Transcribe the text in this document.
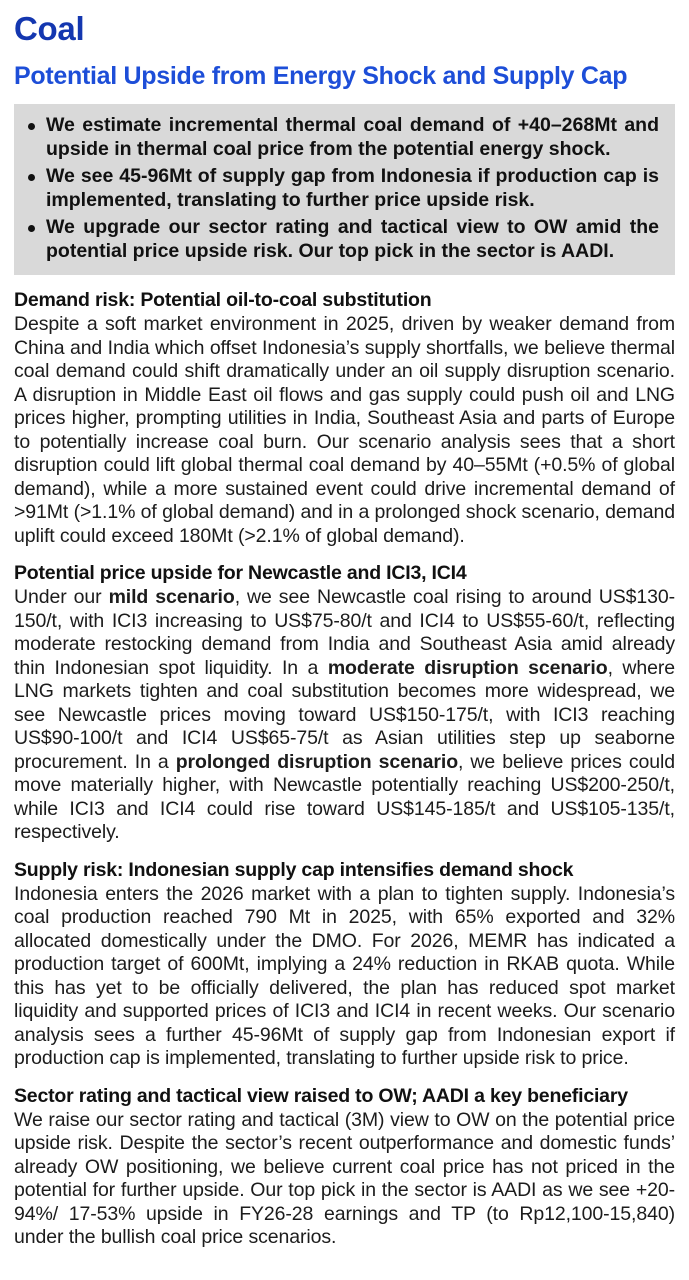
Coal
Potential Upside from Energy Shock and Supply Cap
We estimate incremental thermal coal demand of +40–268Mt and upside in thermal coal price from the potential energy shock.
We see 45-96Mt of supply gap from Indonesia if production cap is implemented, translating to further price upside risk.
We upgrade our sector rating and tactical view to OW amid the potential price upside risk. Our top pick in the sector is AADI.
Demand risk: Potential oil-to-coal substitution

Despite a soft market environment in 2025, driven by weaker demand from China and India which offset Indonesia’s supply shortfalls, we believe thermal coal demand could shift dramatically under an oil supply disruption scenario. A disruption in Middle East oil flows and gas supply could push oil and LNG prices higher, prompting utilities in India, Southeast Asia and parts of Europe to potentially increase coal burn. Our scenario analysis sees that a short disruption could lift global thermal coal demand by 40–55Mt (+0.5% of global demand), while a more sustained event could drive incremental demand of >91Mt (>1.1% of global demand) and in a prolonged shock scenario, demand uplift could exceed 180Mt (>2.1% of global demand).

Potential price upside for Newcastle and ICI3, ICI4

Under our mild scenario, we see Newcastle coal rising to around US$130-150/t, with ICI3 increasing to US$75-80/t and ICI4 to US$55-60/t, reflecting moderate restocking demand from India and Southeast Asia amid already thin Indonesian spot liquidity. In a moderate disruption scenario, where LNG markets tighten and coal substitution becomes more widespread, we see Newcastle prices moving toward US$150-175/t, with ICI3 reaching US$90-100/t and ICI4 US$65-75/t as Asian utilities step up seaborne procurement. In a prolonged disruption scenario, we believe prices could move materially higher, with Newcastle potentially reaching US$200-250/t, while ICI3 and ICI4 could rise toward US$145-185/t and US$105-135/t, respectively.

Supply risk: Indonesian supply cap intensifies demand shock

Indonesia enters the 2026 market with a plan to tighten supply. Indonesia’s coal production reached 790 Mt in 2025, with 65% exported and 32% allocated domestically under the DMO. For 2026, MEMR has indicated a production target of 600Mt, implying a 24% reduction in RKAB quota. While this has yet to be officially delivered, the plan has reduced spot market liquidity and supported prices of ICI3 and ICI4 in recent weeks. Our scenario analysis sees a further 45-96Mt of supply gap from Indonesian export if production cap is implemented, translating to further upside risk to price.

Sector rating and tactical view raised to OW; AADI a key beneficiary

We raise our sector rating and tactical (3M) view to OW on the potential price upside risk. Despite the sector’s recent outperformance and domestic funds’ already OW positioning, we believe current coal price has not priced in the potential for further upside. Our top pick in the sector is AADI as we see +20-94%/ 17-53% upside in FY26-28 earnings and TP (to Rp12,100-15,840) under the bullish coal price scenarios.
